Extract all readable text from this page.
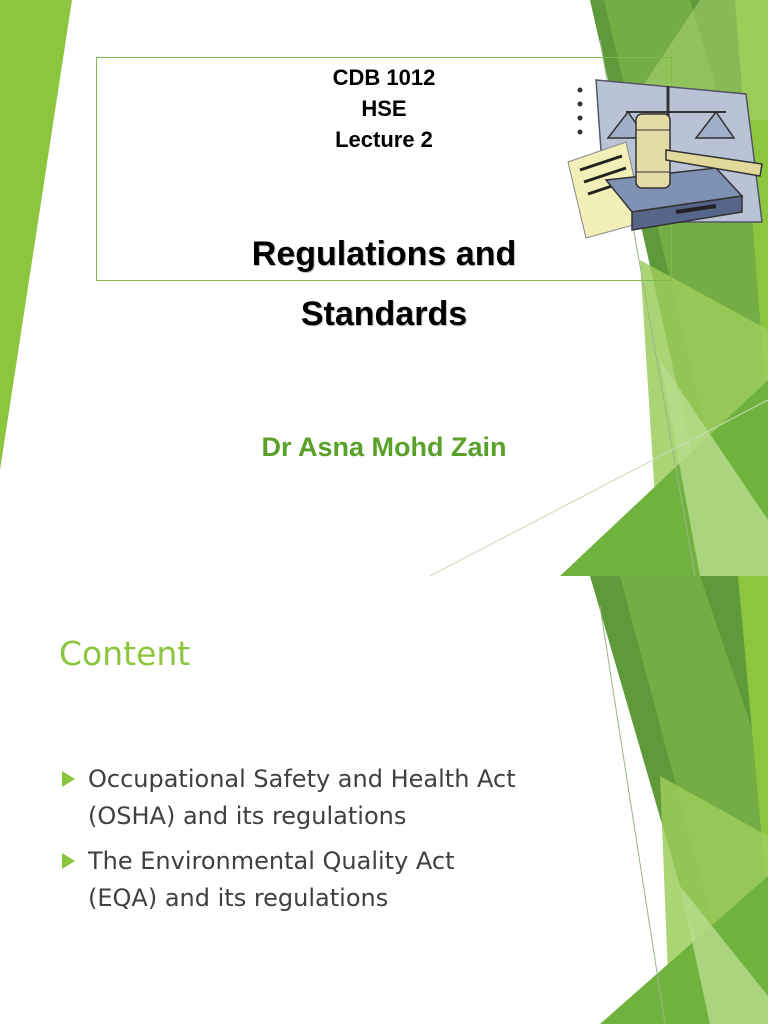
CDB 1012
HSE
Lecture 2
Regulations and
Standards
Dr Asna Mohd Zain
Content
Occupational Safety and Health Act
(OSHA) and its regulations
The Environmental Quality Act
(EQA) and its regulations
